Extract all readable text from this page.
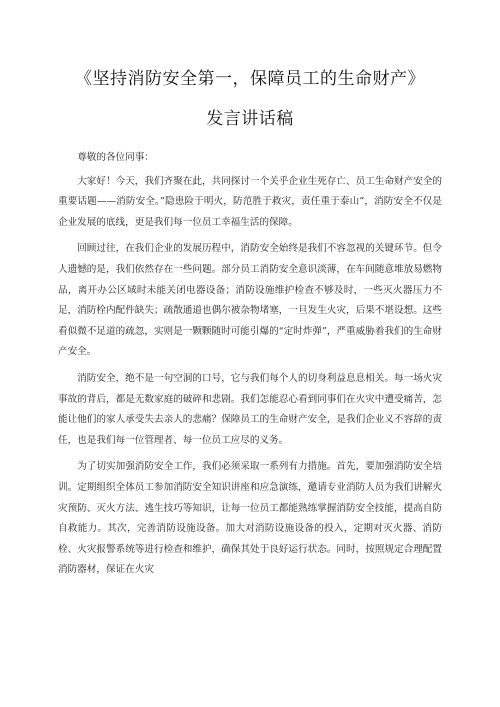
《坚持消防安全第一，保障员工的生命财产》
发言讲话稿

尊敬的各位同事：

大家好！今天，我们齐聚在此，共同探讨一个关乎企业生死存亡、员工生命财产安全的重要话题——消防安全。”隐患险于明火，防范胜于救灾，责任重于泰山”，消防安全不仅是企业发展的底线，更是我们每一位员工幸福生活的保障。

回顾过往，在我们企业的发展历程中，消防安全始终是我们不容忽视的关键环节。但令人遗憾的是，我们依然存在一些问题。部分员工消防安全意识淡薄，在车间随意堆放易燃物品，离开办公区域时未能关闭电器设备；消防设施维护检查不够及时，一些灭火器压力不足，消防栓内配件缺失；疏散通道也偶尔被杂物堵塞，一旦发生火灾，后果不堪设想。这些看似微不足道的疏忽，实则是一颗颗随时可能引爆的“定时炸弹”，严重威胁着我们的生命财产安全。

消防安全，绝不是一句空洞的口号，它与我们每个人的切身利益息息相关。每一场火灾事故的背后，都是无数家庭的破碎和悲剧。我们怎能忍心看到同事们在火灾中遭受痛苦，怎能让他们的家人承受失去亲人的悲痛？保障员工的生命财产安全，是我们企业义不容辞的责任，也是我们每一位管理者、每一位员工应尽的义务。

为了切实加强消防安全工作，我们必须采取一系列有力措施。首先，要加强消防安全培训。定期组织全体员工参加消防安全知识讲座和应急演练，邀请专业消防人员为我们讲解火灾预防、灭火方法、逃生技巧等知识，让每一位员工都能熟练掌握消防安全技能，提高自防自救能力。其次，完善消防设施设备。加大对消防设施设备的投入，定期对灭火器、消防栓、火灾报警系统等进行检查和维护，确保其处于良好运行状态。同时，按照规定合理配置消防器材，保证在火灾
